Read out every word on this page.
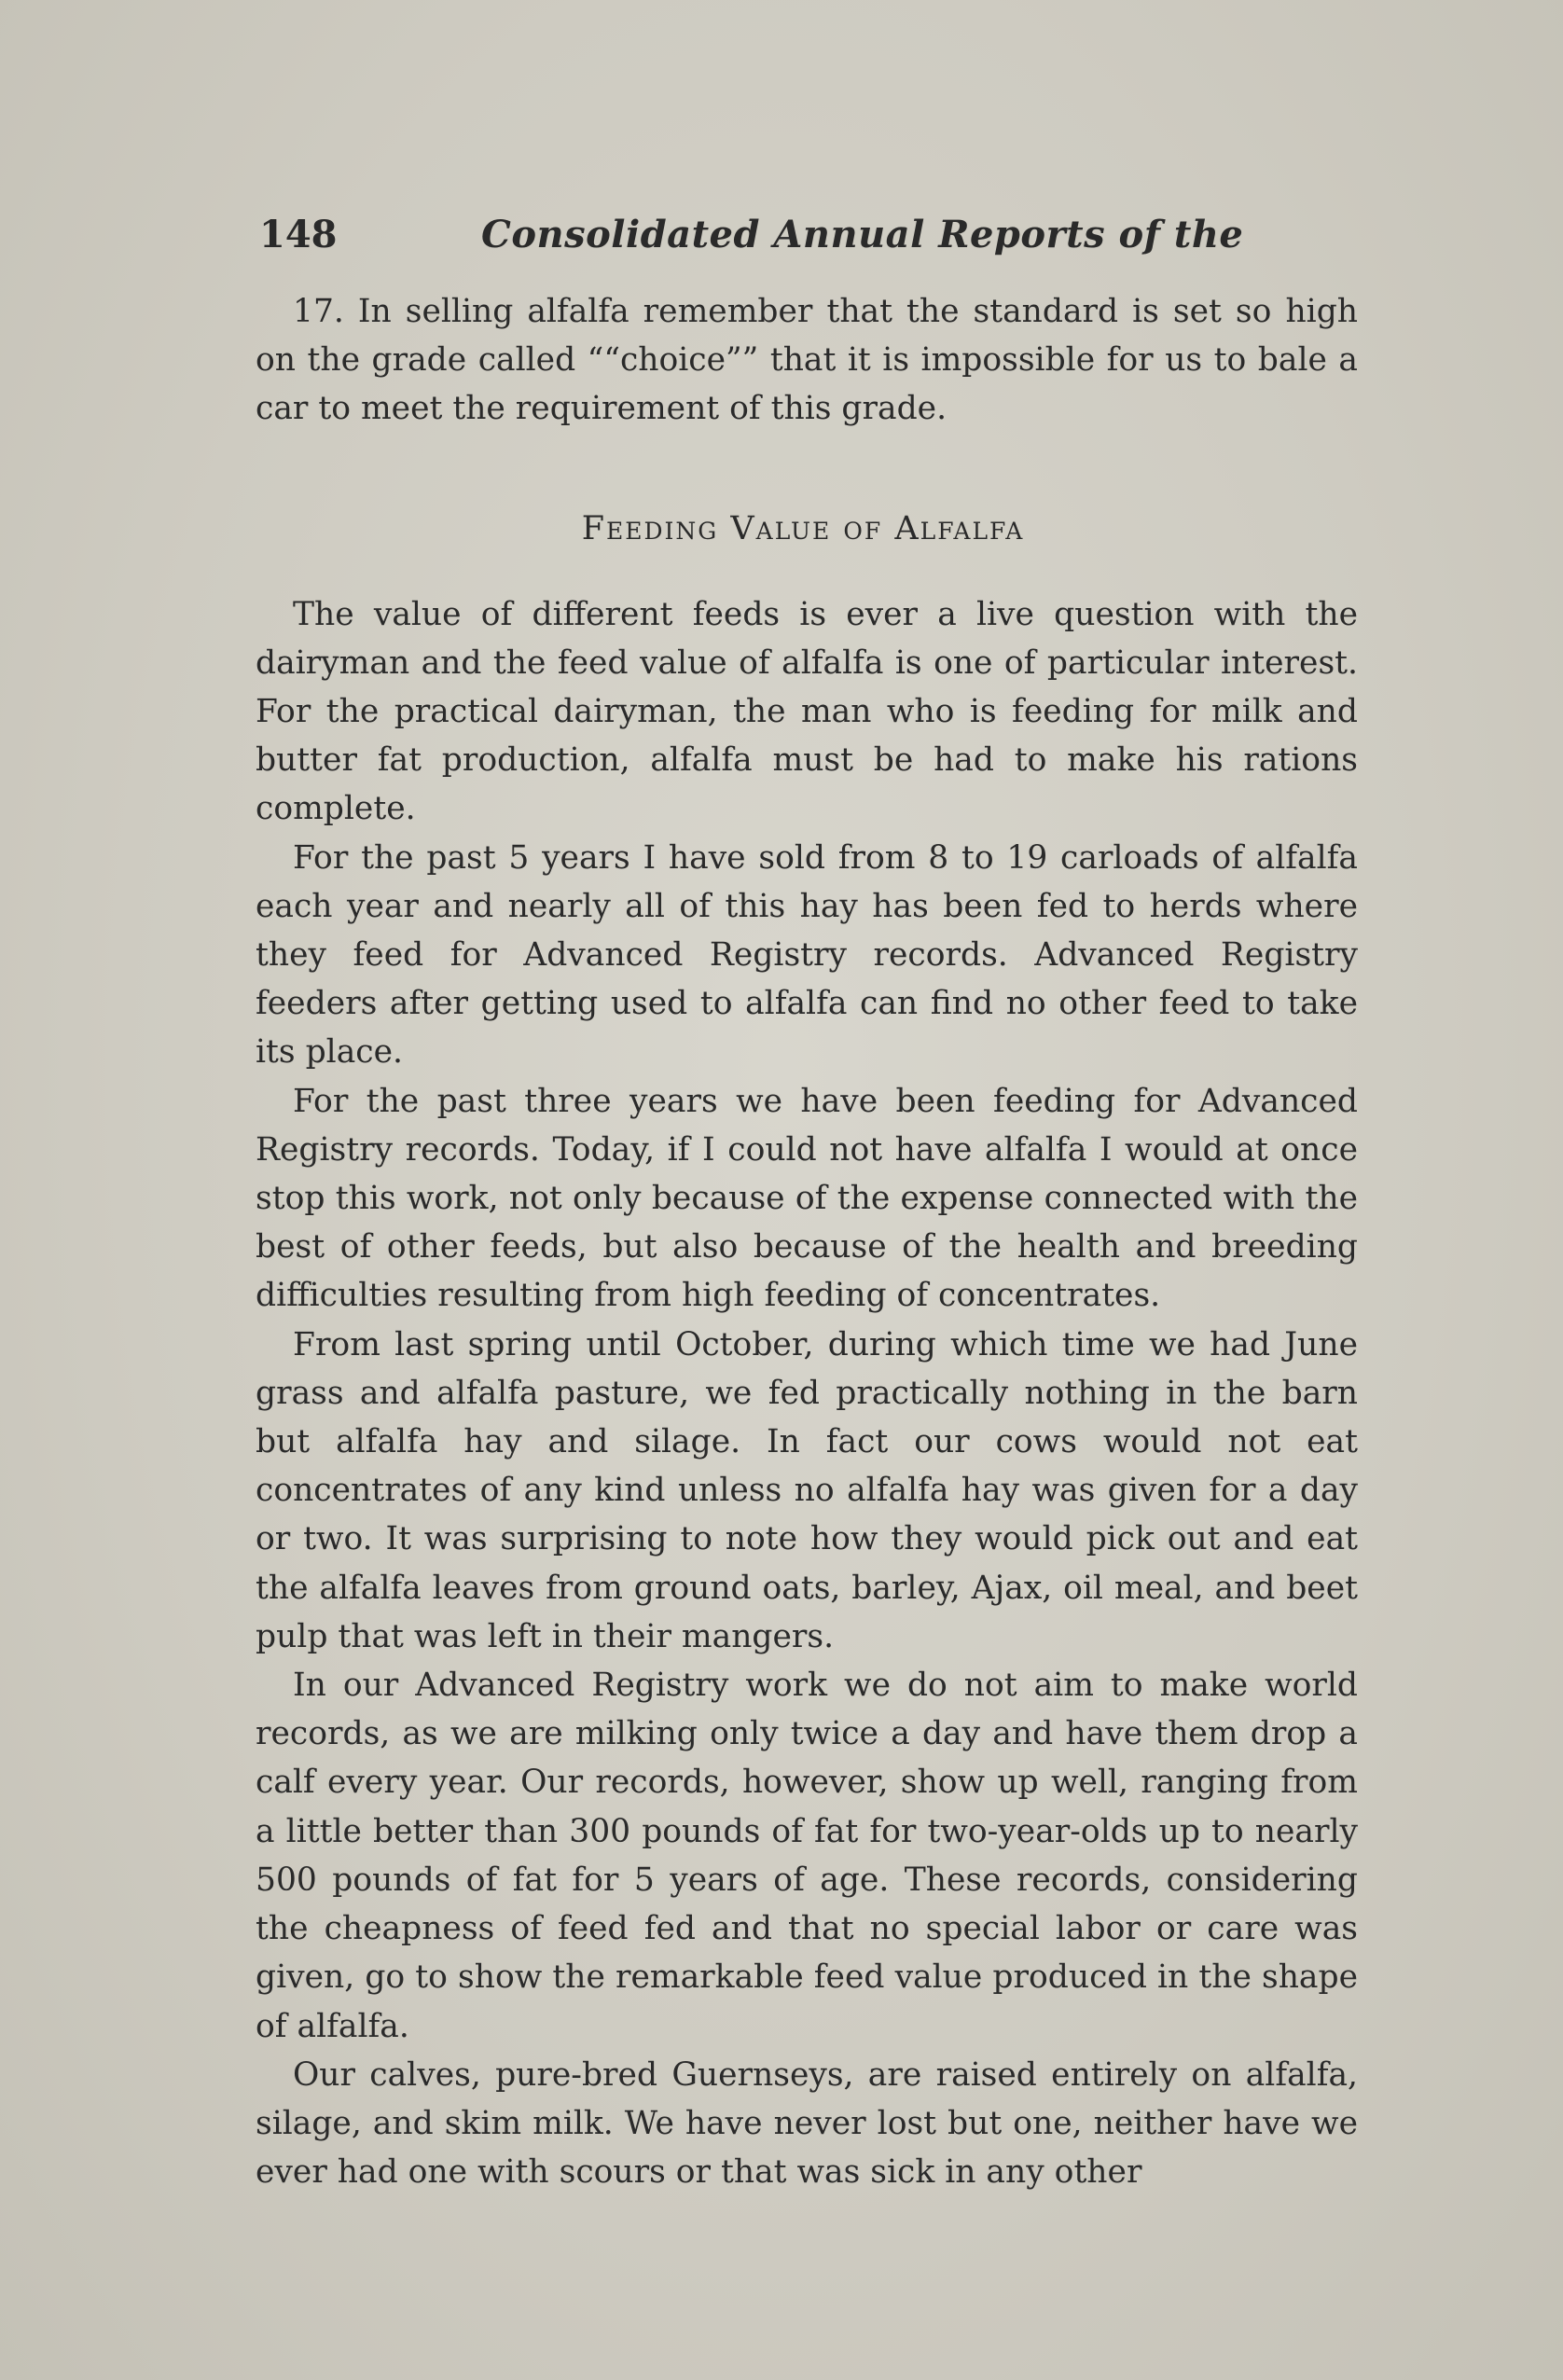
148	Consolidated Annual Reports of the

17. In selling alfalfa remember that the standard is set so high on the grade called ““choice”” that it is impossible for us to bale a car to meet the requirement of this grade.

Feeding Value of Alfalfa

The value of different feeds is ever a live question with the dairyman and the feed value of alfalfa is one of particular interest. For the practical dairyman, the man who is feeding for milk and butter fat production, alfalfa must be had to make his rations complete.

For the past 5 years I have sold from 8 to 19 carloads of alfalfa each year and nearly all of this hay has been fed to herds where they feed for Advanced Registry records. Advanced Registry feeders after getting used to alfalfa can find no other feed to take its place.

For the past three years we have been feeding for Advanced Registry records. Today, if I could not have alfalfa I would at once stop this work, not only because of the expense connected with the best of other feeds, but also because of the health and breeding difficulties resulting from high feeding of concentrates.

From last spring until October, during which time we had June grass and alfalfa pasture, we fed practically nothing in the barn but alfalfa hay and silage. In fact our cows would not eat concentrates of any kind unless no alfalfa hay was given for a day or two. It was surprising to note how they would pick out and eat the alfalfa leaves from ground oats, barley, Ajax, oil meal, and beet pulp that was left in their mangers.

In our Advanced Registry work we do not aim to make world records, as we are milking only twice a day and have them drop a calf every year. Our records, however, show up well, ranging from a little better than 300 pounds of fat for two-year-olds up to nearly 500 pounds of fat for 5 years of age. These records, considering the cheapness of feed fed and that no special labor or care was given, go to show the remarkable feed value produced in the shape of alfalfa.

Our calves, pure-bred Guernseys, are raised entirely on alfalfa, silage, and skim milk. We have never lost but one, neither have we ever had one with scours or that was sick in any other
